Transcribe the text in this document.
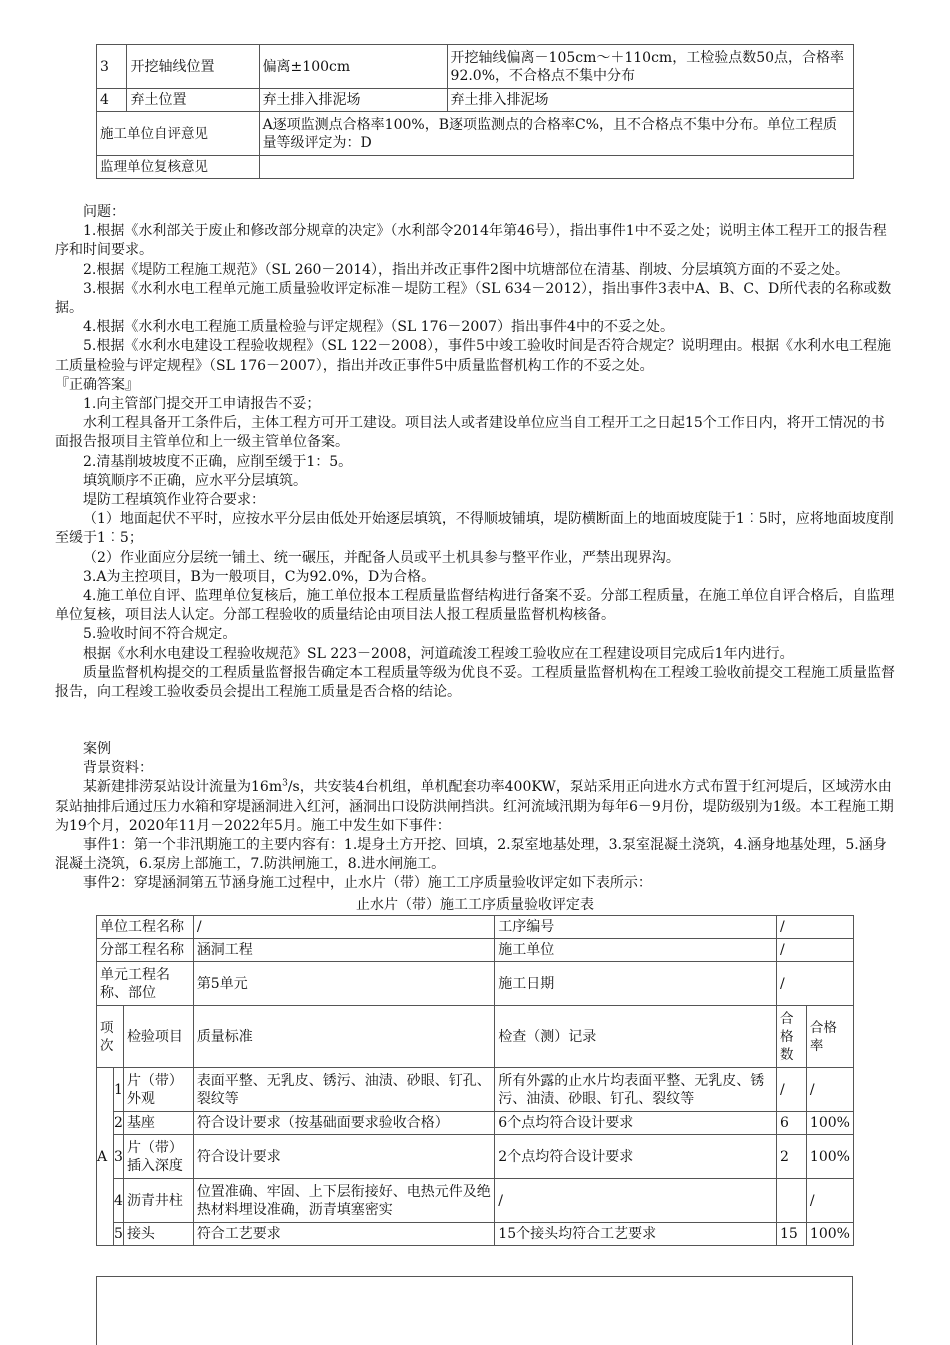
3	开挖轴线位置	偏离±100cm	开挖轴线偏离－105cm～＋110cm，工检验点数50点，合格率92.0%，不合格点不集中分布
4	弃土位置	弃土排入排泥场	弃土排入排泥场
施工单位自评意见		A逐项监测点合格率100%，B逐项监测点的合格率C%，且不合格点不集中分布。单位工程质量等级评定为：D	
监理单位复核意见			

问题：

1.根据《水利部关于废止和修改部分规章的决定》（水利部令2014年第46号），指出事件1中不妥之处；说明主体工程开工的报告程序和时间要求。

2.根据《堤防工程施工规范》（SL 260－2014），指出并改正事件2图中坑塘部位在清基、削坡、分层填筑方面的不妥之处。

3.根据《水利水电工程单元施工质量验收评定标准－堤防工程》（SL 634－2012），指出事件3表中A、B、C、D所代表的名称或数据。

4.根据《水利水电工程施工质量检验与评定规程》（SL 176－2007）指出事件4中的不妥之处。

5.根据《水利水电建设工程验收规程》（SL 122－2008），事件5中竣工验收时间是否符合规定？说明理由。根据《水利水电工程施工质量检验与评定规程》（SL 176－2007），指出并改正事件5中质量监督机构工作的不妥之处。

『正确答案』

1.向主管部门提交开工申请报告不妥；

水利工程具备开工条件后，主体工程方可开工建设。项目法人或者建设单位应当自工程开工之日起15个工作日内，将开工情况的书面报告报项目主管单位和上一级主管单位备案。

2.清基削坡坡度不正确，应削至缓于1：5。

填筑顺序不正确，应水平分层填筑。

堤防工程填筑作业符合要求：

（1）地面起伏不平时，应按水平分层由低处开始逐层填筑，不得顺坡铺填，堤防横断面上的地面坡度陡于1︰5时，应将地面坡度削至缓于1︰5；

（2）作业面应分层统一铺土、统一碾压，并配备人员或平土机具参与整平作业，严禁出现界沟。

3.A为主控项目，B为一般项目，C为92.0%，D为合格。

4.施工单位自评、监理单位复核后，施工单位报本工程质量监督结构进行备案不妥。分部工程质量，在施工单位自评合格后，自监理单位复核，项目法人认定。分部工程验收的质量结论由项目法人报工程质量监督机构核备。

5.验收时间不符合规定。

根据《水利水电建设工程验收规范》SL 223－2008，河道疏浚工程竣工验收应在工程建设项目完成后1年内进行。

质量监督机构提交的工程质量监督报告确定本工程质量等级为优良不妥。工程质量监督机构在工程竣工验收前提交工程施工质量监督报告，向工程竣工验收委员会提出工程施工质量是否合格的结论。

案例

背景资料：

某新建排涝泵站设计流量为$16m^3/s$，共安装4台机组，单机配套功率400KW，泵站采用正向进水方式布置于红河堤后，区域涝水由泵站抽排后通过压力水箱和穿堤涵洞进入红河，涵洞出口设防洪闸挡洪。红河流域汛期为每年6－9月份，堤防级别为1级。本工程施工期为19个月，2020年11月－2022年5月。施工中发生如下事件：

事件1：第一个非汛期施工的主要内容有：1.堤身土方开挖、回填，2.泵室地基处理，3.泵室混凝土浇筑，4.涵身地基处理，5.涵身混凝土浇筑，6.泵房上部施工，7.防洪闸施工，8.进水闸施工。

事件2：穿堤涵洞第五节涵身施工过程中，止水片（带）施工工序质量验收评定如下表所示：

止水片（带）施工工序质量验收评定表
单位工程名称			/	工序编号	/	
分部工程名称			涵洞工程	施工单位	/	
单元工程名称、部位			第5单元	施工日期	/	
项次		检验项目	质量标准	检查（测）记录	合格数	合格率
A	1	片（带）外观	表面平整、无乳皮、锈污、油渍、砂眼、钉孔、裂纹等	所有外露的止水片均表面平整、无乳皮、锈污、油渍、砂眼、钉孔、裂纹等	/	/
	2	基座	符合设计要求（按基础面要求验收合格）	6个点均符合设计要求	6	100%
	3	片（带）插入深度	符合设计要求	2个点均符合设计要求	2	100%
	4	沥青井柱	位置准确、牢固、上下层衔接好、电热元件及绝热材料埋设准确，沥青填塞密实	/		/
	5	接头	符合工艺要求	15个接头均符合工艺要求	15	100%
